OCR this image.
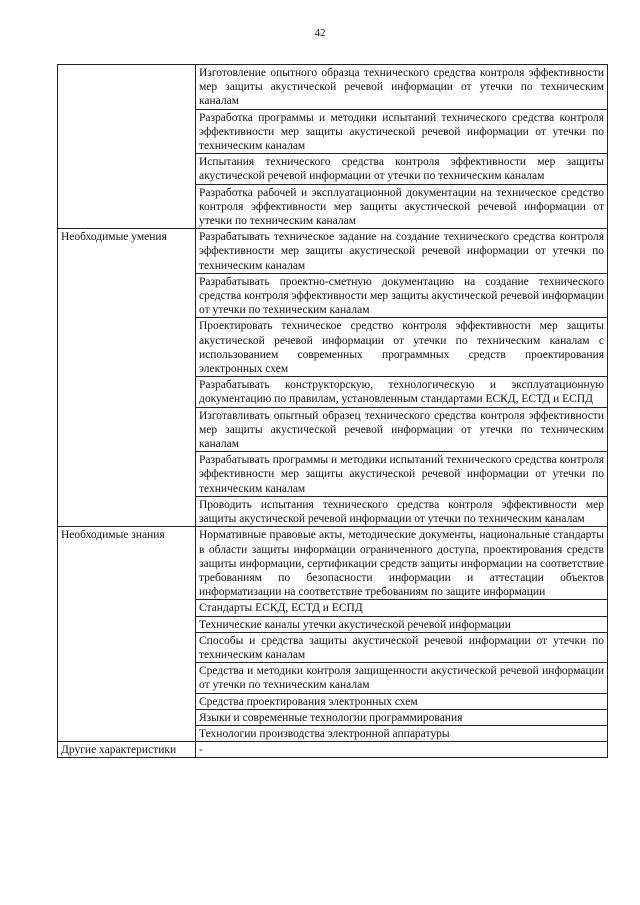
42
	Изготовление опытного образца технического средства контроля эффективности мер защиты акустической речевой информации от утечки по техническим каналам
	Разработка программы и методики испытаний технического средства контроля эффективности мер защиты акустической речевой информации от утечки по техническим каналам
	Испытания технического средства контроля эффективности мер защиты акустической речевой информации от утечки по техническим каналам
	Разработка рабочей и эксплуатационной документации на техническое средство контроля эффективности мер защиты акустической речевой информации от утечки по техническим каналам
Необходимые умения	Разрабатывать техническое задание на создание технического средства контроля эффективности мер защиты акустической речевой информации от утечки по техническим каналам
	Разрабатывать проектно-сметную документацию на создание технического средства контроля эффективности мер защиты акустической речевой информации от утечки по техническим каналам
	Проектировать техническое средство контроля эффективности мер защиты акустической речевой информации от утечки по техническим каналам с использованием современных программных средств проектирования электронных схем
	Разрабатывать конструкторскую, технологическую и эксплуатационную документацию по правилам, установленным стандартами ЕСКД, ЕСТД и ЕСПД
	Изготавливать опытный образец технического средства контроля эффективности мер защиты акустической речевой информации от утечки по техническим каналам
	Разрабатывать программы и методики испытаний технического средства контроля эффективности мер защиты акустической речевой информации от утечки по техническим каналам
	Проводить испытания технического средства контроля эффективности мер защиты акустической речевой информации от утечки по техническим каналам
Необходимые знания	Нормативные правовые акты, методические документы, национальные стандарты в области защиты информации ограниченного доступа, проектирования средств защиты информации, сертификации средств защиты информации на соответствие требованиям по безопасности информации и аттестации объектов информатизации на соответствие требованиям по защите информации
	Стандарты ЕСКД, ЕСТД и ЕСПД
	Технические каналы утечки акустической речевой информации
	Способы и средства защиты акустической речевой информации от утечки по техническим каналам
	Средства и методики контроля защищенности акустической речевой информации от утечки по техническим каналам
	Средства проектирования электронных схем
	Языки и современные технологии программирования
	Технологии производства электронной аппаратуры
Другие характеристики	-
